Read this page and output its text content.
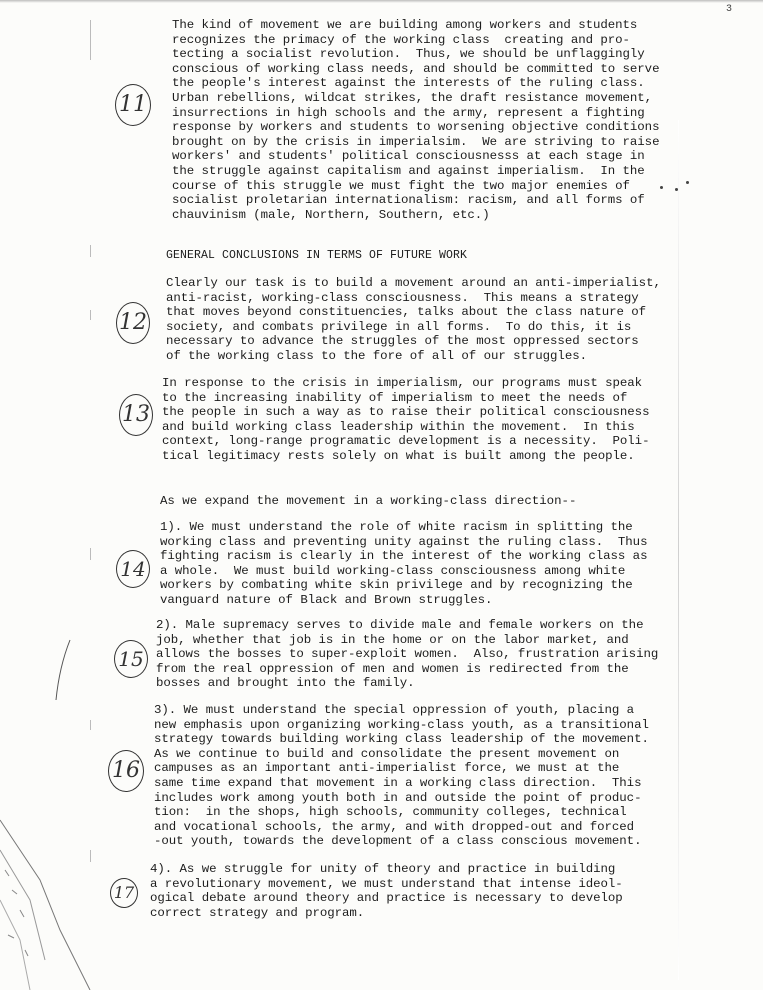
3
The kind of movement we are building among workers and students
recognizes the primacy of the working class  creating and pro-
tecting a socialist revolution.  Thus, we should be unflaggingly
conscious of working class needs, and should be committed to serve
the people's interest against the interests of the ruling class.
Urban rebellions, wildcat strikes, the draft resistance movement,
insurrections in high schools and the army, represent a fighting
response by workers and students to worsening objective conditions
brought on by the crisis in imperialsim.  We are striving to raise
workers' and students' political consciousnesss at each stage in
the struggle against capitalism and against imperialism.  In the
course of this struggle we must fight the two major enemies of
socialist proletarian internationalism: racism, and all forms of
chauvinism (male, Northern, Southern, etc.)
GENERAL CONCLUSIONS IN TERMS OF FUTURE WORK
Clearly our task is to build a movement around an anti-imperialist,
anti-racist, working-class consciousness.  This means a strategy
that moves beyond constituencies, talks about the class nature of
society, and combats privilege in all forms.  To do this, it is
necessary to advance the struggles of the most oppressed sectors
of the working class to the fore of all of our struggles.
In response to the crisis in imperialism, our programs must speak
to the increasing inability of imperialism to meet the needs of
the people in such a way as to raise their political consciousness
and build working class leadership within the movement.  In this
context, long-range programatic development is a necessity.  Poli-
tical legitimacy rests solely on what is built among the people.
As we expand the movement in a working-class direction--
1). We must understand the role of white racism in splitting the
working class and preventing unity against the ruling class.  Thus
fighting racism is clearly in the interest of the working class as
a whole.  We must build working-class consciousness among white
workers by combating white skin privilege and by recognizing the
vanguard nature of Black and Brown struggles.
2). Male supremacy serves to divide male and female workers on the
job, whether that job is in the home or on the labor market, and
allows the bosses to super-exploit women.  Also, frustration arising
from the real oppression of men and women is redirected from the
bosses and brought into the family.
3). We must understand the special oppression of youth, placing a
new emphasis upon organizing working-class youth, as a transitional
strategy towards building working class leadership of the movement.
As we continue to build and consolidate the present movement on
campuses as an important anti-imperialist force, we must at the
same time expand that movement in a working class direction.  This
includes work among youth both in and outside the point of produc-
tion:  in the shops, high schools, community colleges, technical
and vocational schools, the army, and with dropped-out and forced
-out youth, towards the development of a class conscious movement.
4). As we struggle for unity of theory and practice in building
a revolutionary movement, we must understand that intense ideol-
ogical debate around theory and practice is necessary to develop
correct strategy and program.
11
12
13
14
15
16
17
